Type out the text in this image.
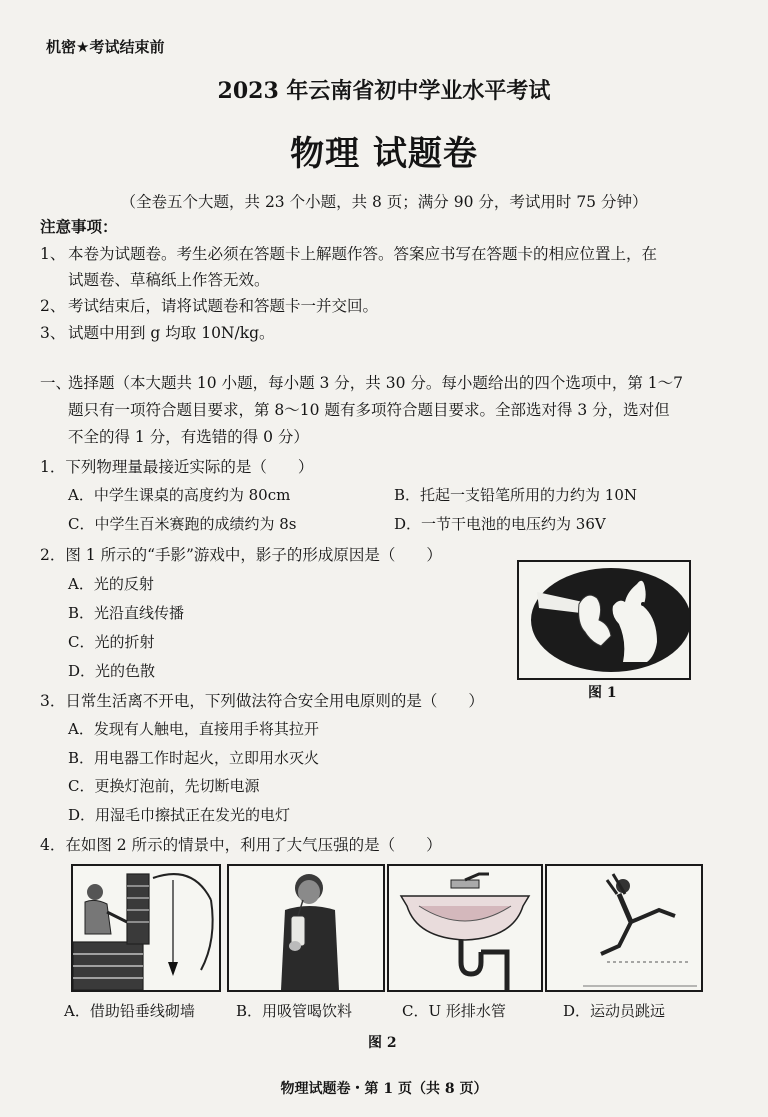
机密★考试结束前
2023 年云南省初中学业水平考试
物理 试题卷
（全卷五个大题，共 23 个小题，共 8 页；满分 90 分，考试用时 75 分钟）
注意事项：
1、 本卷为试题卷。考生必须在答题卡上解题作答。答案应书写在答题卡的相应位置上，在
试题卷、草稿纸上作答无效。
2、 考试结束后，请将试题卷和答题卡一并交回。
3、 试题中用到 g 均取 10N/kg。
一、
选择题（本大题共 10 小题，每小题 3 分，共 30 分。每小题给出的四个选项中，第 1～7
题只有一项符合题目要求，第 8～10 题有多项符合题目要求。全部选对得 3 分，选对但
不全的得 1 分，有选错的得 0 分）
1．下列物理量最接近实际的是（　　）
A．中学生课桌的高度约为 80cm	B．托起一支铅笔所用的力约为 10N
C．中学生百米赛跑的成绩约为 8s	D．一节干电池的电压约为 36V
2．图 1 所示的“手影”游戏中，影子的形成原因是（　　）
A．光的反射
B．光沿直线传播
C．光的折射
D．光的色散
图 1
3．日常生活离不开电，下列做法符合安全用电原则的是（　　）
A．发现有人触电，直接用手将其拉开
B．用电器工作时起火，立即用水灭火
C．更换灯泡前，先切断电源
D．用湿毛巾擦拭正在发光的电灯
4．在如图 2 所示的情景中，利用了大气压强的是（　　）
A．借助铅垂线砌墙	B．用吸管喝饮料	C．U 形排水管	D．运动员跳远
图 2
物理试题卷・第 1 页（共 8 页）
